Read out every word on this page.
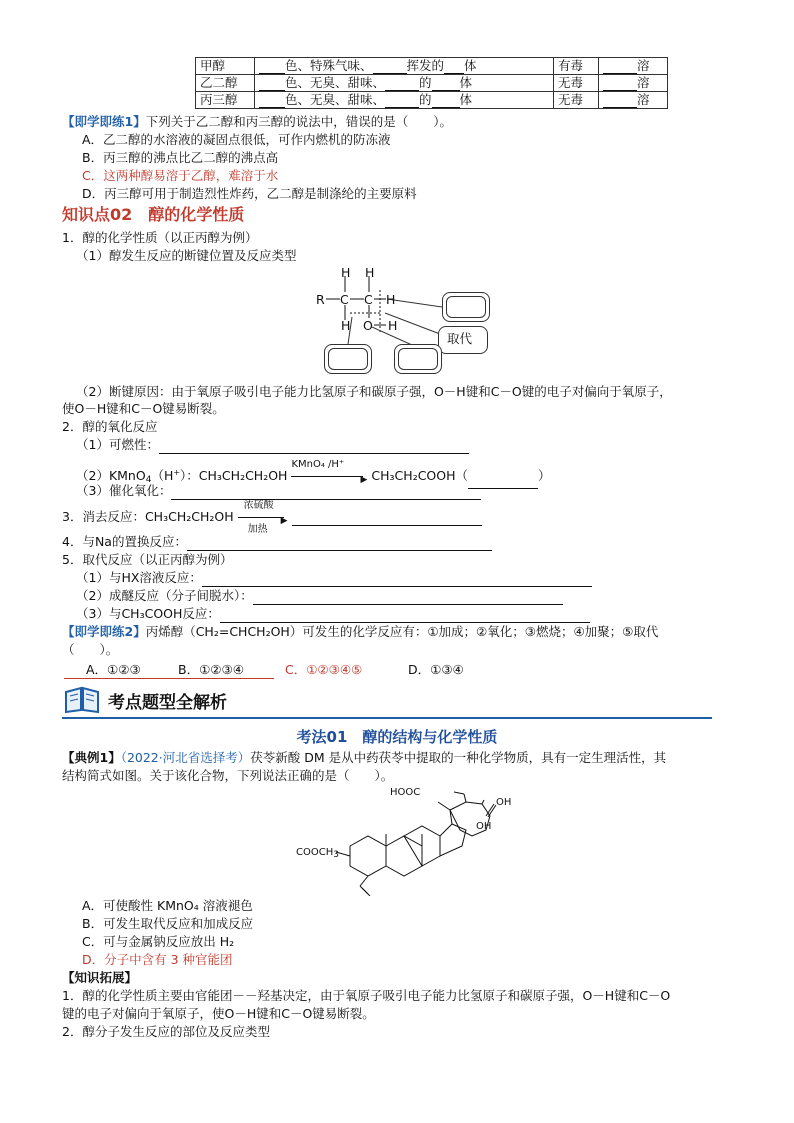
甲醇	色、特殊气味、 挥发的 体	有毒	溶
乙二醇	色、无臭、甜味、 的 体	无毒	溶
丙三醇	色、无臭、甜味、 的 体	无毒	溶
【即学即练1】下列关于乙二醇和丙三醇的说法中，错误的是（　　）。
A．乙二醇的水溶液的凝固点很低，可作内燃机的防冻液
B．丙三醇的沸点比乙二醇的沸点高
C．这两种醇易溶于乙醇，难溶于水
D．丙三醇可用于制造烈性炸药，乙二醇是制涤纶的主要原料
知识点02　醇的化学性质
1．醇的化学性质（以正丙醇为例）
（1）醇发生反应的断键位置及反应类型
R
H H
C C H
H O H
取代
（2）断键原因：由于氧原子吸引电子能力比氢原子和碳原子强，O－H键和C－O键的电子对偏向于氧原子，
使O－H键和C－O键易断裂。
2．醇的氧化反应
（1）可燃性：
（2）KMnO$_4$（H+）：CH₃CH₂CH₂OH
KMnO₄ /H⁺
▶ CH₃CH₂COOH（	）
（3）催化氧化：
3．消去反应：CH₃CH₂CH₂OH
浓硫酸
▶
加热

4．与Na的置换反应：
5．取代反应（以正丙醇为例）
（1）与HX溶液反应：
（2）成醚反应（分子间脱水）：
（3）与CH₃COOH反应：
【即学即练2】丙烯醇（CH₂=CHCH₂OH）可发生的化学反应有：①加成；②氧化；③燃烧；④加聚；⑤取代
（　　）。
A．①②③	B．①②③④	C．①②③④⑤	D．①③④
考点题型全解析
考法01　醇的结构与化学性质
【典例1】（2022·河北省选择考）茯苓新酸 DM 是从中药茯苓中提取的一种化学物质，具有一定生理活性，其
结构简式如图。关于该化合物，下列说法正确的是（　　）。
HOOC
OH
OH
COOCH3
A．可使酸性 KMnO₄ 溶液褪色
B．可发生取代反应和加成反应
C．可与金属钠反应放出 H₂
D．分子中含有 3 种官能团
【知识拓展】
1．醇的化学性质主要由官能团－－羟基决定，由于氧原子吸引电子能力比氢原子和碳原子强，O－H键和C－O
键的电子对偏向于氧原子，使O－H键和C－O键易断裂。
2．醇分子发生反应的部位及反应类型
